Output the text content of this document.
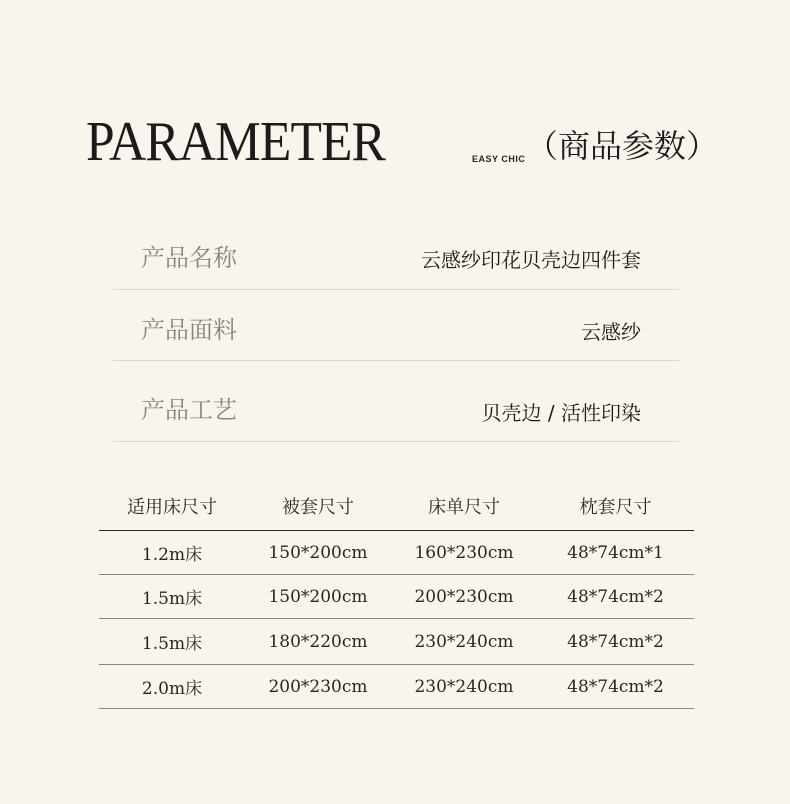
PARAMETER	EASY CHIC （商品参数）
产品名称	云感纱印花贝壳边四件套
产品面料	云感纱
产品工艺	贝壳边 / 活性印染
适用床尺寸	被套尺寸	床单尺寸	枕套尺寸
1.2m床	150*200cm	160*230cm	48*74cm*1
1.5m床	150*200cm	200*230cm	48*74cm*2
1.5m床	180*220cm	230*240cm	48*74cm*2
2.0m床	200*230cm	230*240cm	48*74cm*2
